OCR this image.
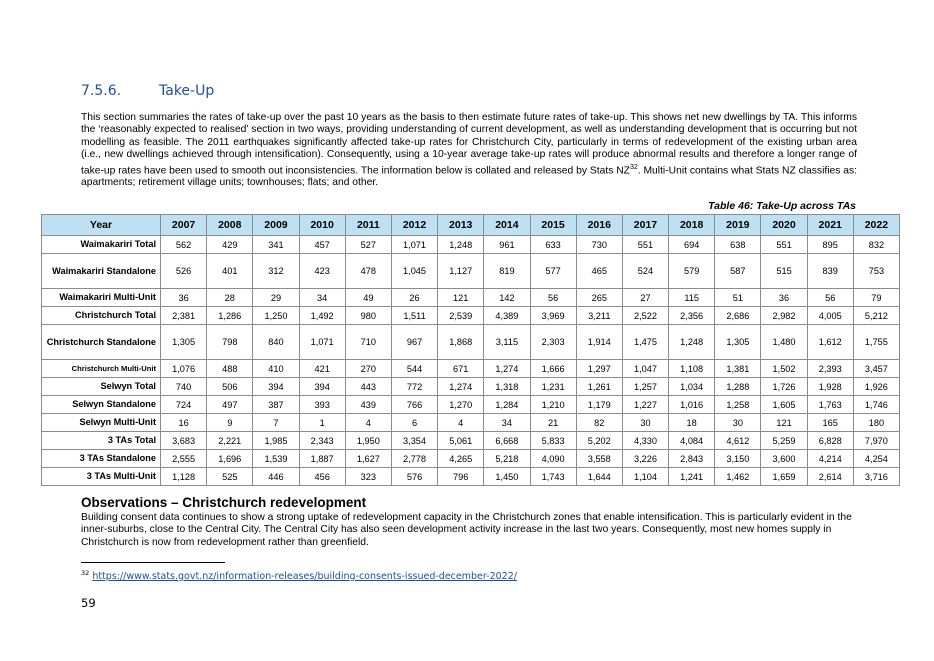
7.5.6.	Take-Up
This section summaries the rates of take-up over the past 10 years as the basis to then estimate future rates of take-up. This shows net new dwellings by TA. This informs the ‘reasonably expected to realised’ section in two ways, providing understanding of current development, as well as understanding development that is occurring but not modelling as feasible. The 2011 earthquakes significantly affected take-up rates for Christchurch City, particularly in terms of redevelopment of the existing urban area (i.e., new dwellings achieved through intensification). Consequently, using a 10-year average take-up rates will produce abnormal results and therefore a longer range of take-up rates have been used to smooth out inconsistencies. The information below is collated and released by Stats NZ$^{32}$. Multi-Unit contains what Stats NZ classifies as: apartments; retirement village units; townhouses; flats; and other.
Table 46: Take-Up across TAs
Year	2007	2008	2009	2010	2011	2012	2013	2014	2015	2016	2017	2018	2019	2020	2021	2022
Waimakariri Total	562	429	341	457	527	1,071	1,248	961	633	730	551	694	638	551	895	832
Waimakariri Standalone	526	401	312	423	478	1,045	1,127	819	577	465	524	579	587	515	839	753
Waimakariri Multi-Unit	36	28	29	34	49	26	121	142	56	265	27	115	51	36	56	79
Christchurch Total	2,381	1,286	1,250	1,492	980	1,511	2,539	4,389	3,969	3,211	2,522	2,356	2,686	2,982	4,005	5,212
Christchurch Standalone	1,305	798	840	1,071	710	967	1,868	3,115	2,303	1,914	1,475	1,248	1,305	1,480	1,612	1,755
Christchurch Multi-Unit	1,076	488	410	421	270	544	671	1,274	1,666	1,297	1,047	1,108	1,381	1,502	2,393	3,457
Selwyn Total	740	506	394	394	443	772	1,274	1,318	1,231	1,261	1,257	1,034	1,288	1,726	1,928	1,926
Selwyn Standalone	724	497	387	393	439	766	1,270	1,284	1,210	1,179	1,227	1,016	1,258	1,605	1,763	1,746
Selwyn Multi-Unit	16	9	7	1	4	6	4	34	21	82	30	18	30	121	165	180
3 TAs Total	3,683	2,221	1,985	2,343	1,950	3,354	5,061	6,668	5,833	5,202	4,330	4,084	4,612	5,259	6,828	7,970
3 TAs Standalone	2,555	1,696	1,539	1,887	1,627	2,778	4,265	5,218	4,090	3,558	3,226	2,843	3,150	3,600	4,214	4,254
3 TAs Multi-Unit	1,128	525	446	456	323	576	796	1,450	1,743	1,644	1,104	1,241	1,462	1,659	2,614	3,716
Observations – Christchurch redevelopment
Building consent data continues to show a strong uptake of redevelopment capacity in the Christchurch zones that enable intensification. This is particularly evident in the inner-suburbs, close to the Central City. The Central City has also seen development activity increase in the last two years. Consequently, most new homes supply in Christchurch is now from redevelopment rather than greenfield.
$^{32}$ https://www.stats.govt.nz/information-releases/building-consents-issued-december-2022/
59
